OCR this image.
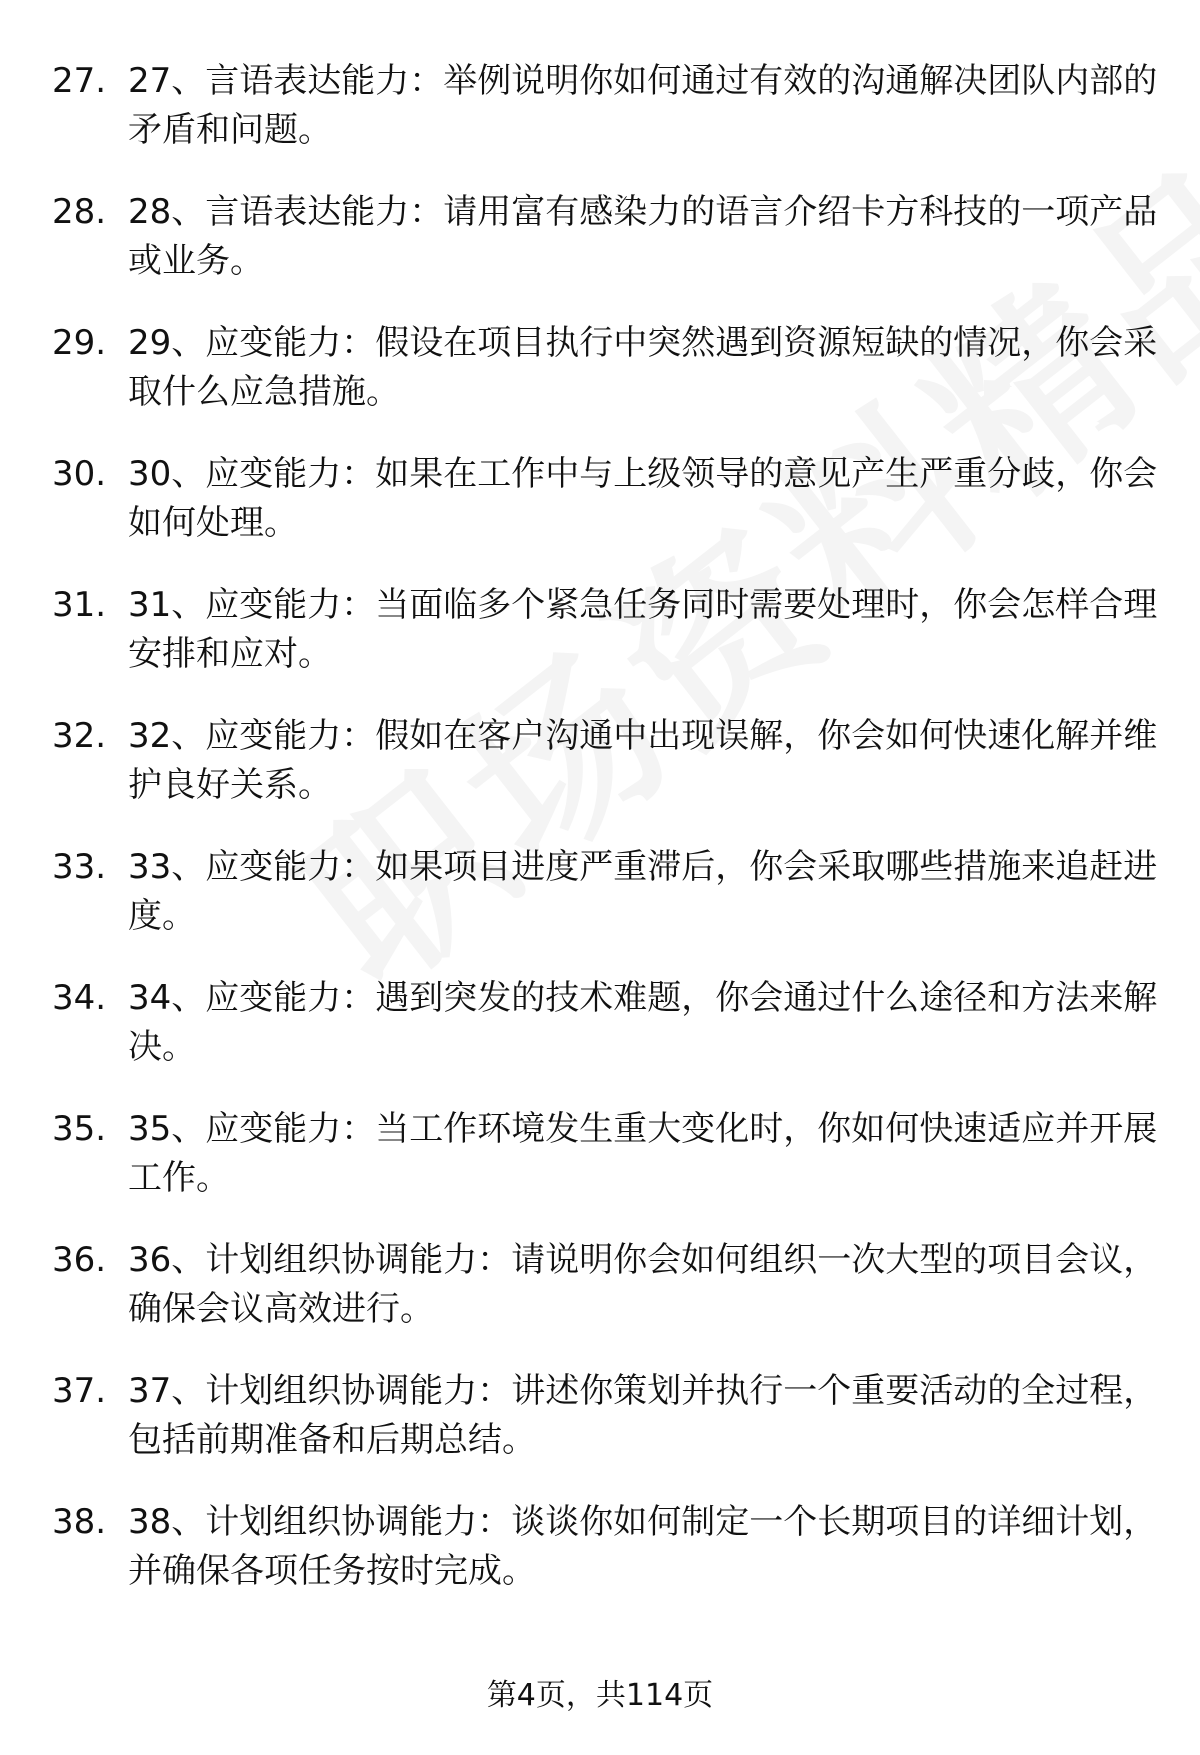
27. 27、言语表达能力：举例说明你如何通过有效的沟通解决团队内部的矛盾和问题。
28. 28、言语表达能力：请用富有感染力的语言介绍卡方科技的一项产品或业务。
29. 29、应变能力：假设在项目执行中突然遇到资源短缺的情况，你会采取什么应急措施。
30. 30、应变能力：如果在工作中与上级领导的意见产生严重分歧，你会如何处理。
31. 31、应变能力：当面临多个紧急任务同时需要处理时，你会怎样合理安排和应对。
32. 32、应变能力：假如在客户沟通中出现误解，你会如何快速化解并维护良好关系。
33. 33、应变能力：如果项目进度严重滞后，你会采取哪些措施来追赶进度。
34. 34、应变能力：遇到突发的技术难题，你会通过什么途径和方法来解决。
35. 35、应变能力：当工作环境发生重大变化时，你如何快速适应并开展工作。
36. 36、计划组织协调能力：请说明你会如何组织一次大型的项目会议，确保会议高效进行。
37. 37、计划组织协调能力：讲述你策划并执行一个重要活动的全过程，包括前期准备和后期总结。
38. 38、计划组织协调能力：谈谈你如何制定一个长期项目的详细计划，并确保各项任务按时完成。
第4页，共114页
